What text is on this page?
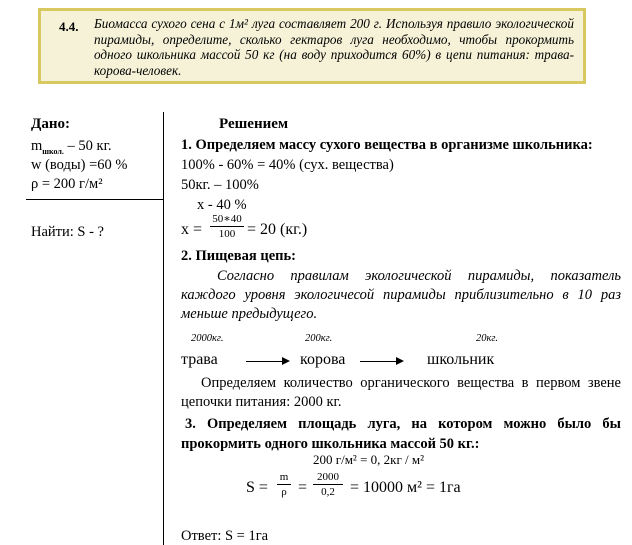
4.4. Биомасса сухого сена с 1м² луга составляет 200 г. Используя правило экологической пирамиды, определите, сколько гектаров луга необходимо, чтобы прокормить одного школьника массой 50 кг (на воду приходится 60%) в цепи питания: трава-корова-человек.
Дано:
$m_{школ.} - 50$ кг.
w (воды) =60 %
ρ = 200 г/м²
Найти: S - ?
Решением
1. Определяем массу сухого вещества в организме школьника:
100% - 60% = 40% (сух. вещества)
50кг. – 100%
x - 40 %
x =
50∗40
100 = 20 (кг.)
2. Пищевая цепь:
Согласно правилам экологической пирамиды, показатель каждого уровня экологичесой пирамиды приблизительно в 10 раз меньше предыдущего.
2000кг.	200кг.	20кг.
трава	корова	школьник
Определяем количество органического вещества в первом звене цепочки питания: 2000 кг.
3. Определяем площадь луга, на котором можно было бы прокормить одного школьника массой 50 кг.:
200 г/м² = 0, 2кг / м²
S =
m
ρ =
2000
0,2 = 10000 м² = 1га
Ответ: S = 1га
